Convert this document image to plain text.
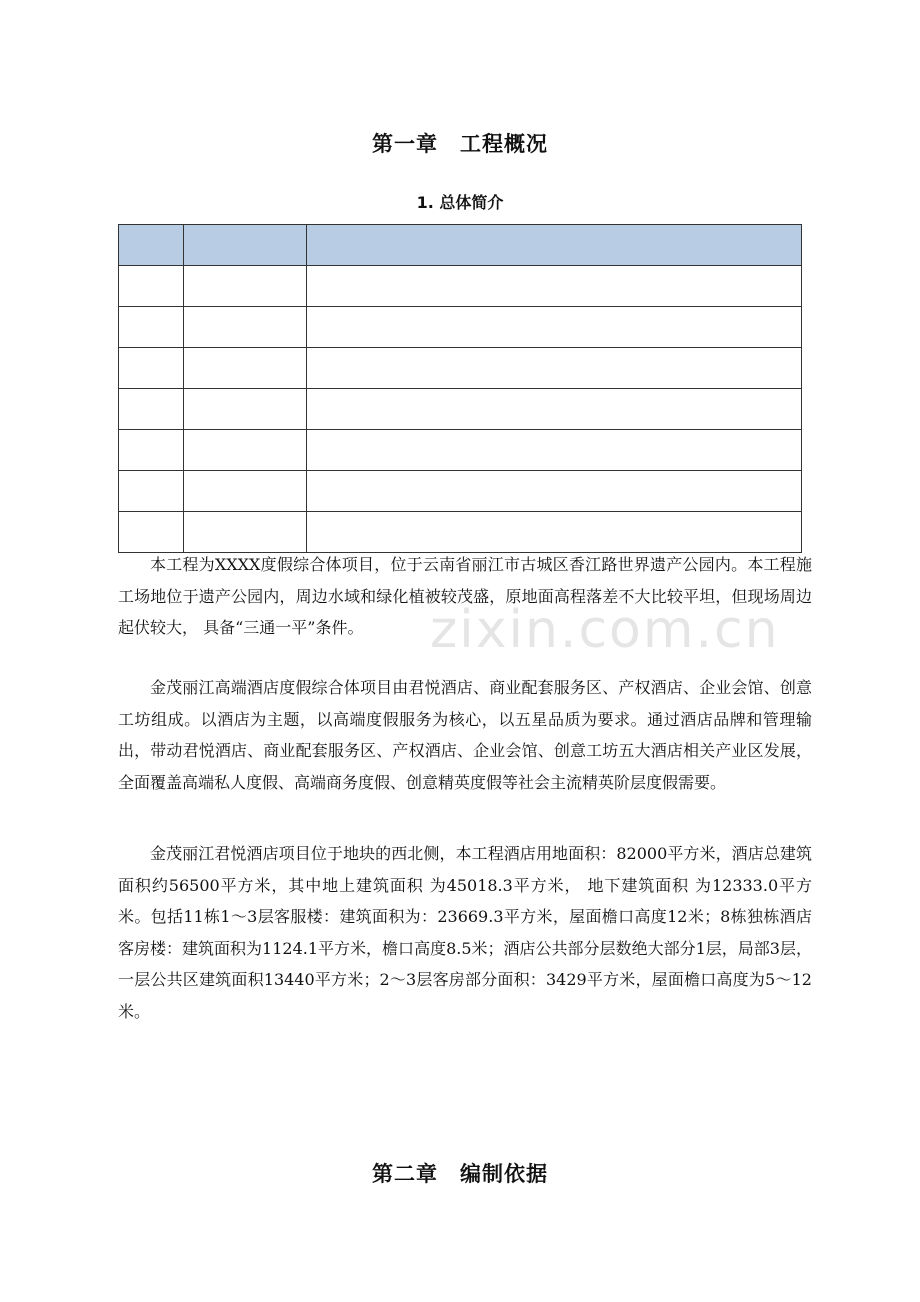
第一章　工程概况
1. 总体简介

本工程为XXXX度假综合体项目，位于云南省丽江市古城区香江路世界遗产公园内。本工程施工场地位于遗产公园内，周边水域和绿化植被较茂盛，原地面高程落差不大比较平坦，但现场周边起伏较大， 具备“三通一平”条件。	zixin.com.cn

金茂丽江高端酒店度假综合体项目由君悦酒店、商业配套服务区、产权酒店、企业会馆、创意工坊组成。以酒店为主题，以高端度假服务为核心，以五星品质为要求。通过酒店品牌和管理输出，带动君悦酒店、商业配套服务区、产权酒店、企业会馆、创意工坊五大酒店相关产业区发展，全面覆盖高端私人度假、高端商务度假、创意精英度假等社会主流精英阶层度假需要。

金茂丽江君悦酒店项目位于地块的西北侧，本工程酒店用地面积：82000平方米，酒店总建筑面积约56500平方米，其中地上建筑面积 为45018.3平方米， 地下建筑面积 为12333.0平方米。包括11栋1～3层客服楼：建筑面积为：23669.3平方米，屋面檐口高度12米；8栋独栋酒店客房楼：建筑面积为1124.1平方米，檐口高度8.5米；酒店公共部分层数绝大部分1层，局部3层，一层公共区建筑面积13440平方米；2～3层客房部分面积：3429平方米，屋面檐口高度为5～12米。

第二章　编制依据
